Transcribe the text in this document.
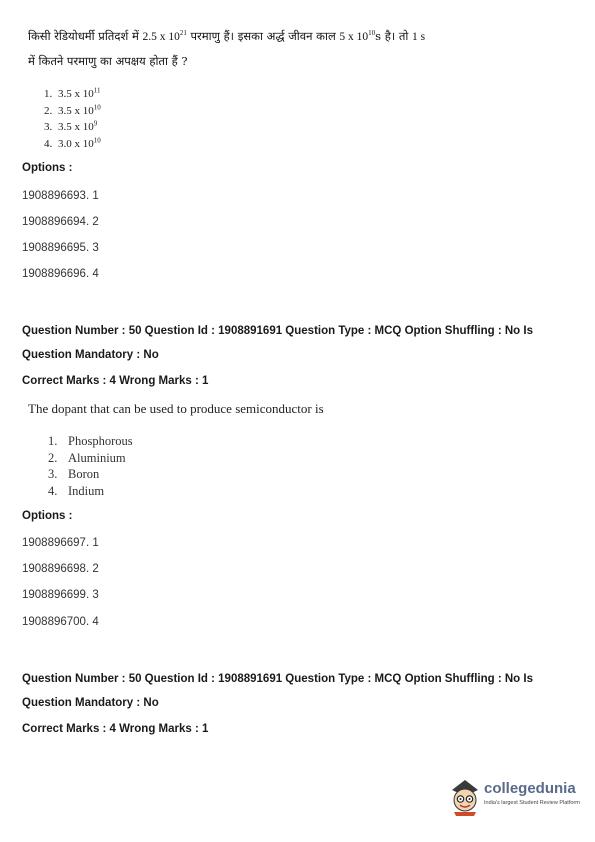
किसी रेडियोधर्मी प्रतिदर्श में 2.5 x $10^{21}$ परमाणु हैं। इसका अर्द्ध जीवन काल 5 x $10^{10}s$ है। तो 1 s
में कितने परमाणु का अपक्षय होता हैं ?
1. 3.5 x $10^{11}$
2. 3.5 x $10^{10}$
3. 3.5 x $10^9$
4. 3.0 x $10^{10}$
Options :
1908896693. 1
1908896694. 2
1908896695. 3
1908896696. 4
Question Number : 50 Question Id : 1908891691 Question Type : MCQ Option Shuffling : No Is
Question Mandatory : No
Correct Marks : 4 Wrong Marks : 1
The dopant that can be used to produce semiconductor is
1. Phosphorous
2. Aluminium
3. Boron
4. Indium
Options :
1908896697. 1
1908896698. 2
1908896699. 3
1908896700. 4
Question Number : 50 Question Id : 1908891691 Question Type : MCQ Option Shuffling : No Is
Question Mandatory : No
Correct Marks : 4 Wrong Marks : 1
collegedunia
India's largest Student Review Platform
